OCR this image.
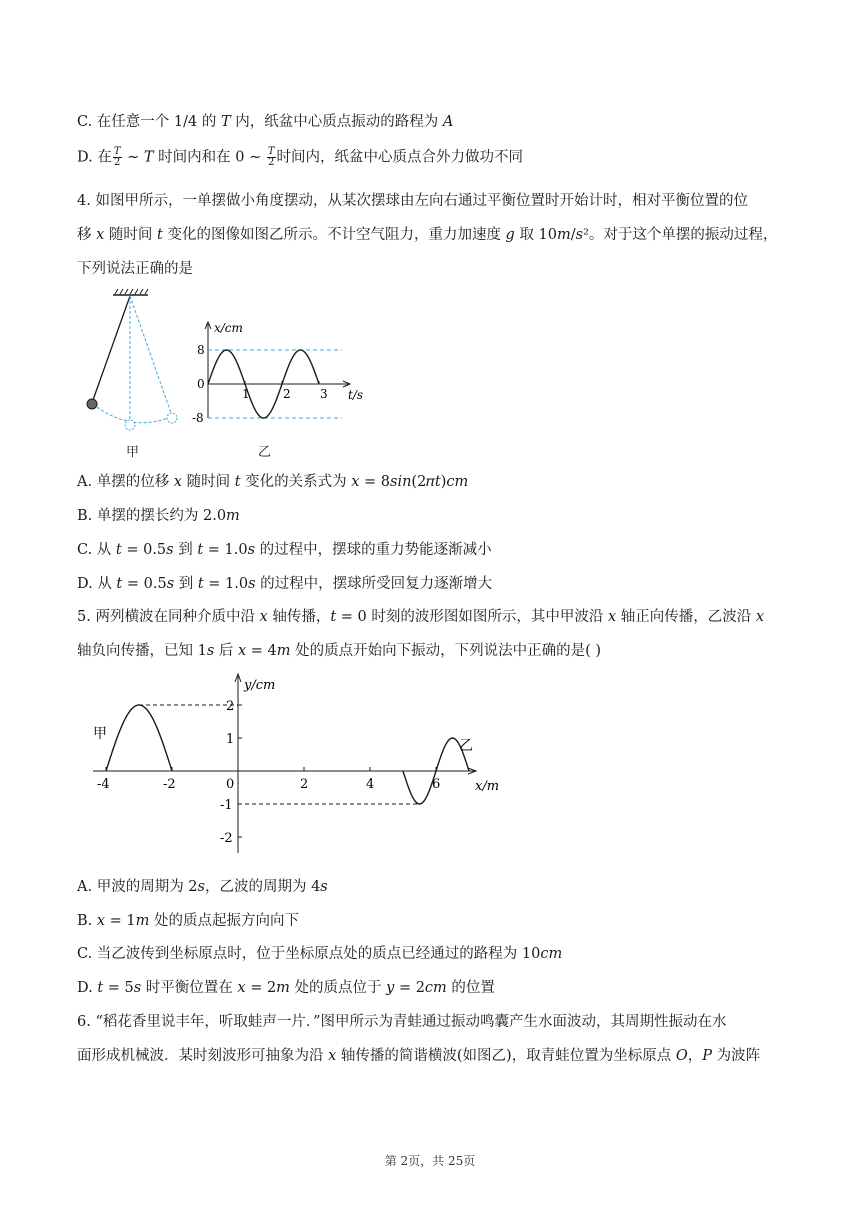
C. 在任意一个 1/4 的 𝑇 内，纸盆中心质点振动的路程为 𝐴
D. 在 $\frac{T}{2}$ ∼ 𝑇 时间内和在 0 ∼ $\frac{T}{2}$ 时间内，纸盆中心质点合外力做功不同
4. 如图甲所示，一单摆做小角度摆动，从某次摆球由左向右通过平衡位置时开始计时，相对平衡位置的位
移 𝑥 随时间 𝑡 变化的图像如图乙所示。不计空气阻力，重力加速度 𝑔 取 10𝑚/𝑠²。对于这个单摆的振动过程，
下列说法正确的是
甲
x/cm
t/s
8
0
-8
1	2 3
乙
A. 单摆的位移 𝑥 随时间 𝑡 变化的关系式为 𝑥 = 8𝑠𝑖𝑛(2𝜋𝑡)𝑐𝑚
B. 单摆的摆长约为 2.0𝑚
C. 从 𝑡 = 0.5𝑠 到 𝑡 = 1.0𝑠 的过程中，摆球的重力势能逐渐减小
D. 从 𝑡 = 0.5𝑠 到 𝑡 = 1.0𝑠 的过程中，摆球所受回复力逐渐增大
5. 两列横波在同种介质中沿 𝑥 轴传播，𝑡 = 0 时刻的波形图如图所示，其中甲波沿 𝑥 轴正向传播，乙波沿 𝑥
轴负向传播，已知 1𝑠 后 𝑥 = 4𝑚 处的质点开始向下振动，下列说法中正确的是( )
y/cm
x/m
2
1
-1
-2
-4	-2	0	2	4	6
甲
乙
A. 甲波的周期为 2𝑠，乙波的周期为 4𝑠
B. 𝑥 = 1𝑚 处的质点起振方向向下
C. 当乙波传到坐标原点时，位于坐标原点处的质点已经通过的路程为 10𝑐𝑚
D. 𝑡 = 5𝑠 时平衡位置在 𝑥 = 2𝑚 处的质点位于 𝑦 = 2𝑐𝑚 的位置
6. “稻花香里说丰年，听取蛙声一片．”图甲所示为青蛙通过振动鸣囊产生水面波动，其周期性振动在水
面形成机械波．某时刻波形可抽象为沿 𝑥 轴传播的简谐横波(如图乙)，取青蛙位置为坐标原点 𝑂，𝑃 为波阵
第 2页，共 25页
